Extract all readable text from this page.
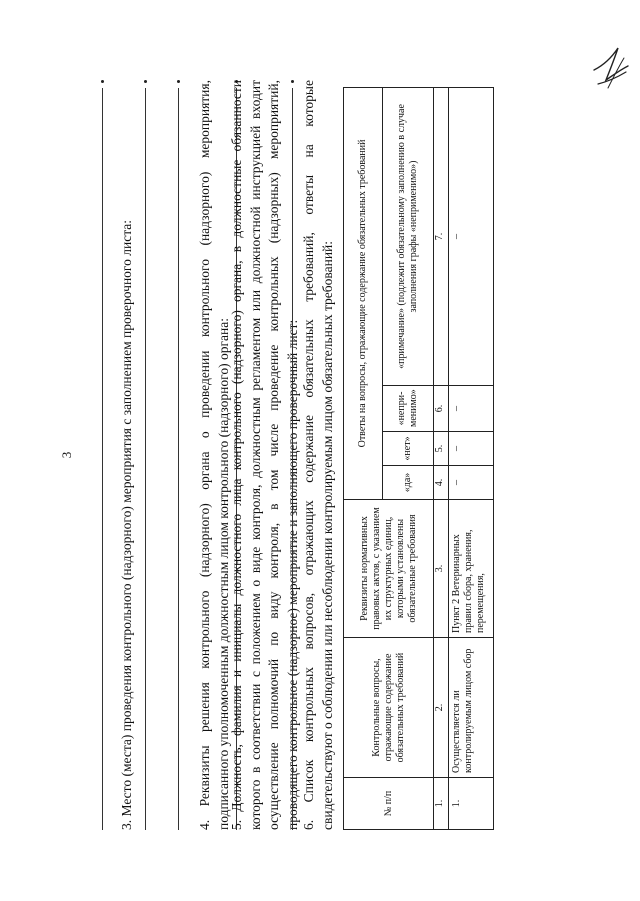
3	3. Место (места) проведения контрольного (надзорного) мероприятия с заполнением проверочного листа:	4. Реквизиты решения контрольного (надзорного) органа о проведении контрольного (надзорного) мероприятия, подписанного уполномоченным должностным лицом контрольного (надзорного) органа:

5. Должность, фамилия и инициалы должностного лица контрольного (надзорного) органа, в должностные обязанности которого в соответствии с положением о виде контроля, должностным регламентом или должностной инструкцией входит осуществление полномочий по виду контроля, в том числе проведение контрольных (надзорных) мероприятий, проводящего контрольное (надзорное) мероприятие и заполняющего проверочный лист: 6. Список контрольных вопросов, отражающих содержание обязательных требований, ответы на которые свидетельствуют о соблюдении или несоблюдении контролируемым лицом обязательных требований:	№ п/п	Контрольные вопросы, отражающие содержание обязательных требований	Реквизиты нормативных правовых актов, с указанием их структурных единиц, которыми установлены обязательные требования	Ответы на вопросы, отражающие содержание обязательных требований			
			«да»	«нет»	«непри-менимо»	«примечание» (подлежит обязательному заполнению в случае заполнения графы «неприменимо»)
1.	2.	3.	4.	5.	6.	7.
1.	Осуществляется ли контролируемым лицом сбор	Пункт 2 Ветеринарных правил сбора, хранения, перемещения,	–	–	–	–
